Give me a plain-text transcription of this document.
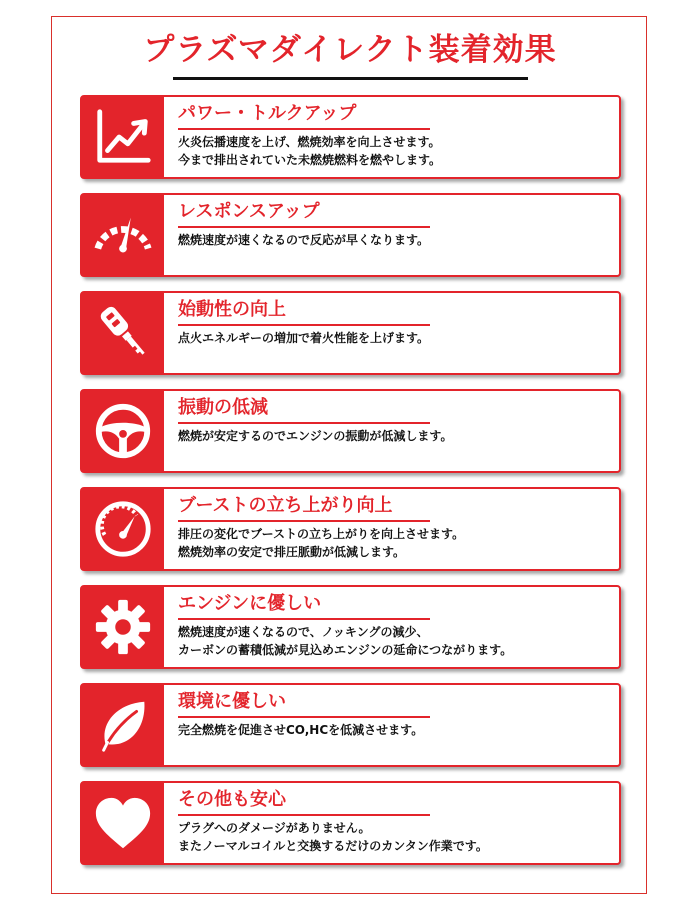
プラズマダイレクト装着効果
パワー・トルクアップ

火炎伝播速度を上げ、燃焼効率を向上させます。
今まで排出されていた未燃焼燃料を燃やします。

レスポンスアップ

燃焼速度が速くなるので反応が早くなります。

始動性の向上

点火エネルギーの増加で着火性能を上げます。

振動の低減

燃焼が安定するのでエンジンの振動が低減します。

ブーストの立ち上がり向上

排圧の変化でブーストの立ち上がりを向上させます。
燃焼効率の安定で排圧脈動が低減します。

エンジンに優しい

燃焼速度が速くなるので、ノッキングの減少、
カーボンの蓄積低減が見込めエンジンの延命につながります。

環境に優しい

完全燃焼を促進させCO,HCを低減させます。

その他も安心

プラグへのダメージがありません。
またノーマルコイルと交換するだけのカンタン作業です。
